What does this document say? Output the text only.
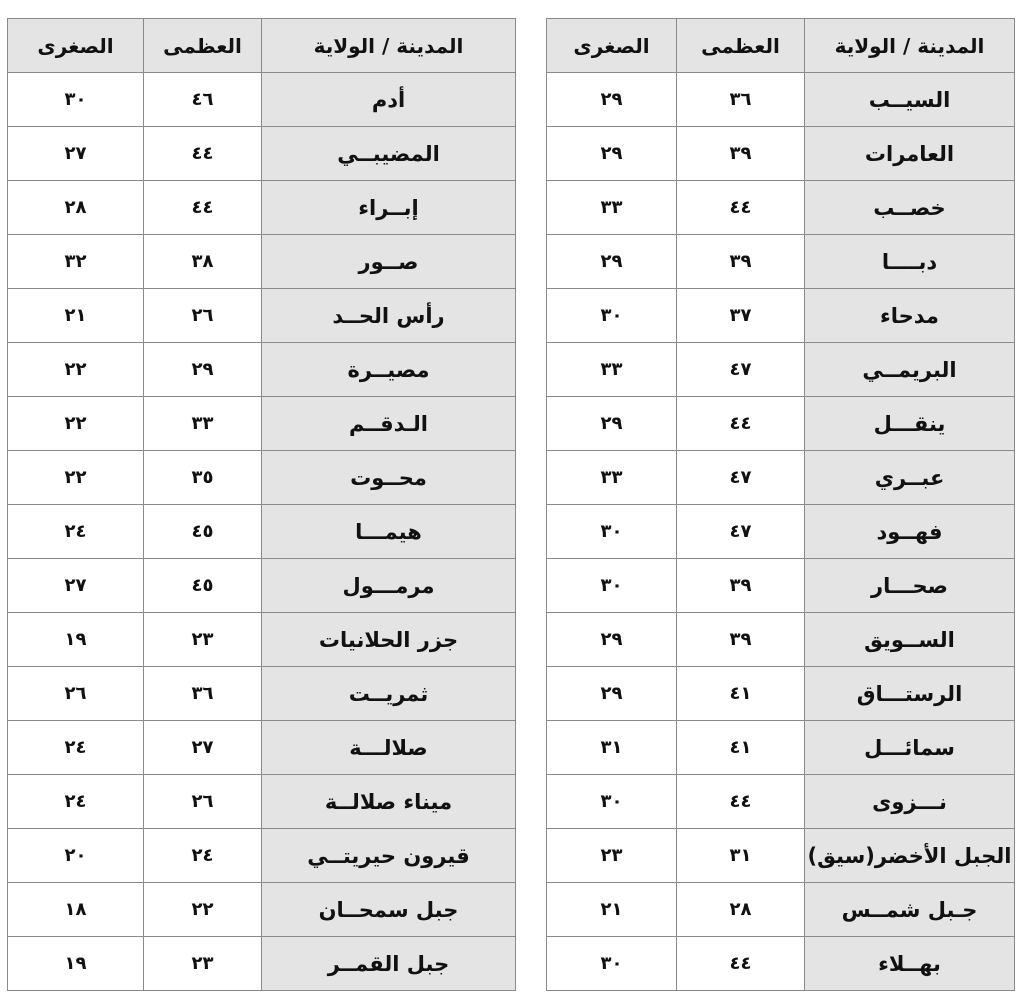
المدينة / الولاية	العظمى	الصغرى
أدم	٤٦	٣٠
المضيبــي	٤٤	٢٧
إبــراء	٤٤	٢٨
صــور	٣٨	٣٢
رأس الحــد	٢٦	٢١
مصيــرة	٢٩	٢٢
الـدقــم	٣٣	٢٢
محــوت	٣٥	٢٢
هيمـــا	٤٥	٢٤
مرمـــول	٤٥	٢٧
جزر الحلانيات	٢٣	١٩
ثمريــت	٣٦	٢٦
صلالـــة	٢٧	٢٤
ميناء صلالــة	٢٦	٢٤
قيرون حيريتــي	٢٤	٢٠
جبل سمحــان	٢٢	١٨
جبل القمــر	٢٣	١٩
المدينة / الولاية	العظمى	الصغرى
السيــب	٣٦	٢٩
العامرات	٣٩	٢٩
خصــب	٤٤	٣٣
دبــــا	٣٩	٢٩
مدحاء	٣٧	٣٠
البريمــي	٤٧	٣٣
ينقـــل	٤٤	٢٩
عبــري	٤٧	٣٣
فهــود	٤٧	٣٠
صحـــار	٣٩	٣٠
الســويق	٣٩	٢٩
الرستـــاق	٤١	٢٩
سمائـــل	٤١	٣١
نـــزوى	٤٤	٣٠
الجبل الأخضر(سيق)	٣١	٢٣
جـبل شمــس	٢٨	٢١
بهــلاء	٤٤	٣٠
